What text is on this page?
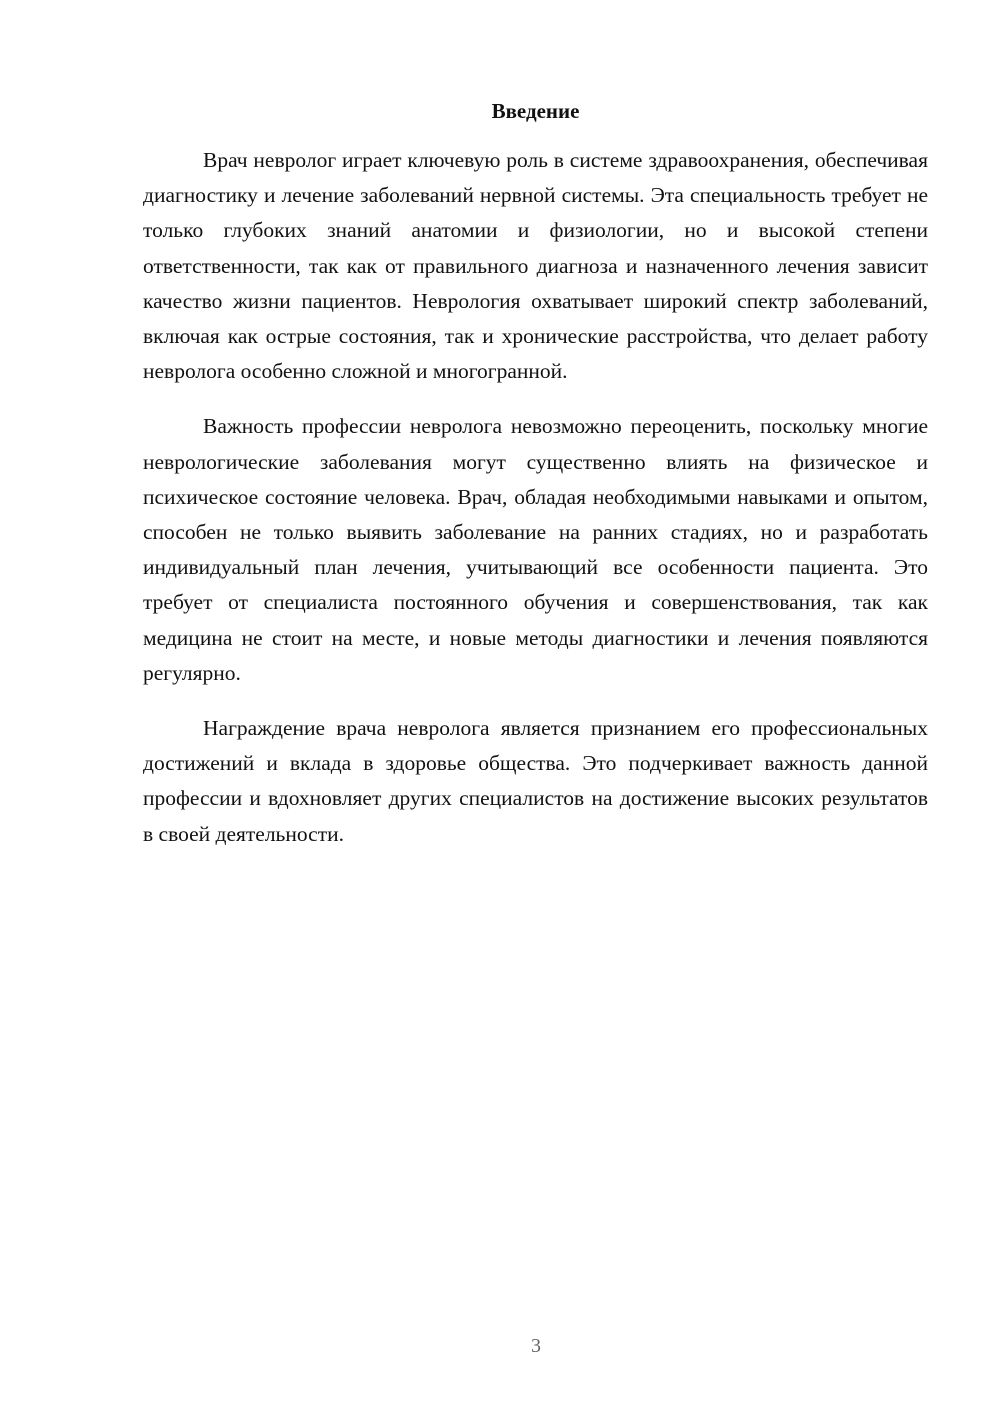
Введение

Врач невролог играет ключевую роль в системе здравоохранения, обеспечивая диагностику и лечение заболеваний нервной системы. Эта специальность требует не только глубоких знаний анатомии и физиологии, но и высокой степени ответственности, так как от правильного диагноза и назначенного лечения зависит качество жизни пациентов. Неврология охватывает широкий спектр заболеваний, включая как острые состояния, так и хронические расстройства, что делает работу невролога особенно сложной и многогранной.

Важность профессии невролога невозможно переоценить, поскольку многие неврологические заболевания могут существенно влиять на физическое и психическое состояние человека. Врач, обладая необходимыми навыками и опытом, способен не только выявить заболевание на ранних стадиях, но и разработать индивидуальный план лечения, учитывающий все особенности пациента. Это требует от специалиста постоянного обучения и совершенствования, так как медицина не стоит на месте, и новые методы диагностики и лечения появляются регулярно.

Награждение врача невролога является признанием его профессиональных достижений и вклада в здоровье общества. Это подчеркивает важность данной профессии и вдохновляет других специалистов на достижение высоких результатов в своей деятельности.

3
